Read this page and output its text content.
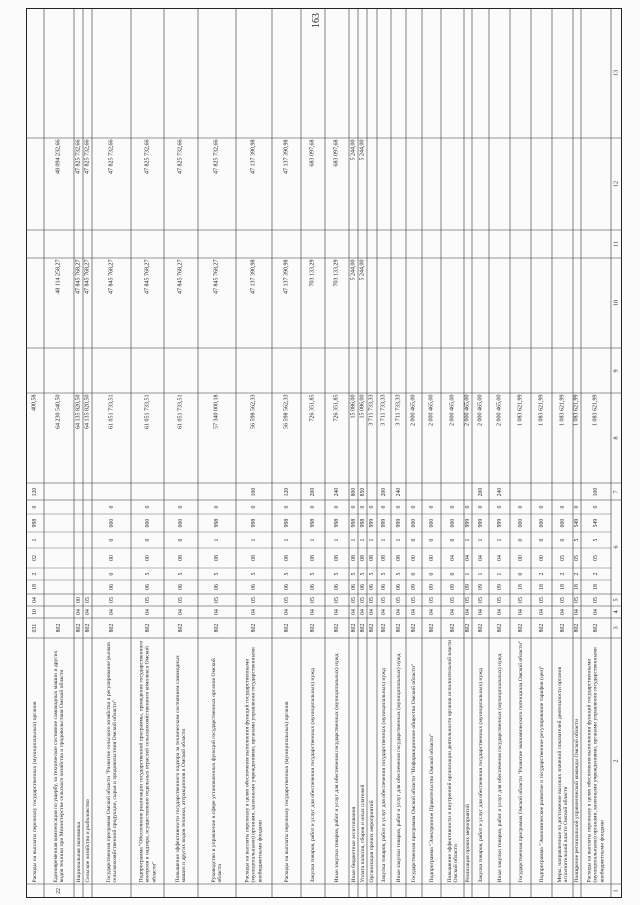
163
1
2
3
4
5
6
7
8
9
10
11
12
13
Расходы на выплаты персоналу государственных (муниципальных) органов
031
10
04
18
2
02
1
998
0
120
400,58
22
Единовременная компенсация по ущербу, за техническое состояние самоходных машин и других видов техники при Министерстве сельского хозяйства и продовольствия Омской области
802
64 230 540,50
48 114 258,27
48 094 232,66
Национальная экономика
802
04
00
64 135 820,50
47 845 768,27
47 825 732,66
Сельское хозяйство и рыболовство
802
04
05
64 135 820,50
47 845 768,27
47 825 732,66
Государственная программа Омской области "Развитие сельского хозяйства и регулирование рынков сельскохозяйственной продукции, сырья и продовольствия Омской области"
802
04
05
06
0
00
0
000
0
61 051 733,51
47 845 768,27
47 825 732,66
Подпрограмма "Обеспечение реализации государственной программы, проведение государственного контроля и надзора, осуществление отдельных отраслей сельскохозяйственного комплекса Омской области"
802
04
05
06
5
00
0
000
0
61 051 733,51
47 845 768,27
47 825 732,66
Повышение эффективности государственного надзора за техническим состоянием самоходных машин и других видов техники, аттракционов в Омской области
802
04
05
06
5
08
0
000
0
61 051 733,51
47 845 768,27
47 825 732,66
Руководство и управление в сфере установленных функций государственных органов Омской области
802
04
05
06
5
08
1
998
0
57 340 000,18
47 845 768,27
47 825 732,66
Расходы на выплаты персоналу в целях обеспечения выполнения функций государственными (муниципальными) органами, казенными учреждениями, органами управления государственными внебюджетными фондами
802
04
05
06
5
08
1
998
0
100
56 598 562,33
47 137 390,98
47 137 390,98
Расходы на выплаты персоналу государственных (муниципальных) органов
802
04
05
06
5
08
1
998
0
120
56 598 562,33
47 137 390,98
47 137 390,98
Закупка товаров, работ и услуг для обеспечения государственных (муниципальных) нужд
802
04
05
06
5
08
1
998
0
200
726 351,85
703 133,29
683 097,68
Иные закупки товаров, работ и услуг для обеспечения государственных (муниципальных) нужд
802
04
05
06
5
08
1
998
0
240
726 351,85
703 133,29
683 097,68
Иные бюджетные ассигнования
802
04
05
06
5
08
1
998
0
800
15 086,00
5 244,00
5 244,00
Уплата налогов, сборов и иных платежей
802
04
05
06
5
08
1
998
0
850
15 086,00
5 244,00
5 244,00
Организация прочих мероприятий
802
04
05
06
5
08
1
999
0
3 711 733,33
Закупка товаров, работ и услуг для обеспечения государственных (муниципальных) нужд
802
04
05
06
5
08
1
999
0
200
3 711 733,33
Иные закупки товаров, работ и услуг для обеспечения государственных (муниципальных) нужд
802
04
05
06
5
08
1
999
0
240
3 711 733,33
Государственная программа Омской области "Информационное общество Омской области"
802
04
05
09
0
00
0
000
0
2 000 465,00
Подпрограмма "Электронное Правительство Омской области"
802
04
05
09
0
00
0
000
0
2 000 465,00
Повышение эффективности и внутренней организации деятельности органов исполнительной власти Омской области
802
04
05
09
0
04
0
000
0
2 000 465,00
Реализация прочих мероприятий
802
04
05
09
1
04
1
999
0
2 000 465,00
Закупка товаров, работ и услуг для обеспечения государственных (муниципальных) нужд
802
04
05
09
1
04
1
999
0
200
2 000 465,00
Иные закупки товаров, работ и услуг для обеспечения государственных (муниципальных) нужд
802
04
05
09
1
04
1
999
0
240
2 000 465,00
Государственная программа Омской области "Развитие экономического потенциала Омской области"
802
04
05
18
0
00
0
000
0
1 083 621,99
Подпрограмма "Экономическое развитие и государственное регулирование тарифов (цен)"
802
04
05
18
2
00
0
000
0
1 083 621,99
Меры, направленные на достижение высоких значений показателей деятельности органов исполнительной власти Омской области
802
04
05
18
2
05
0
000
0
1 083 621,99
Поощрение региональной управленческой команды Омской области
802
04
05
18
2
05
5
549
0
1 083 621,99
Расходы на выплаты персоналу в целях обеспечения выполнения функций государственными (муниципальными) органами, казенными учреждениями, органами управления государственными внебюджетными фондами
802
04
05
18
2
05
5
549
0
100
1 083 621,99
